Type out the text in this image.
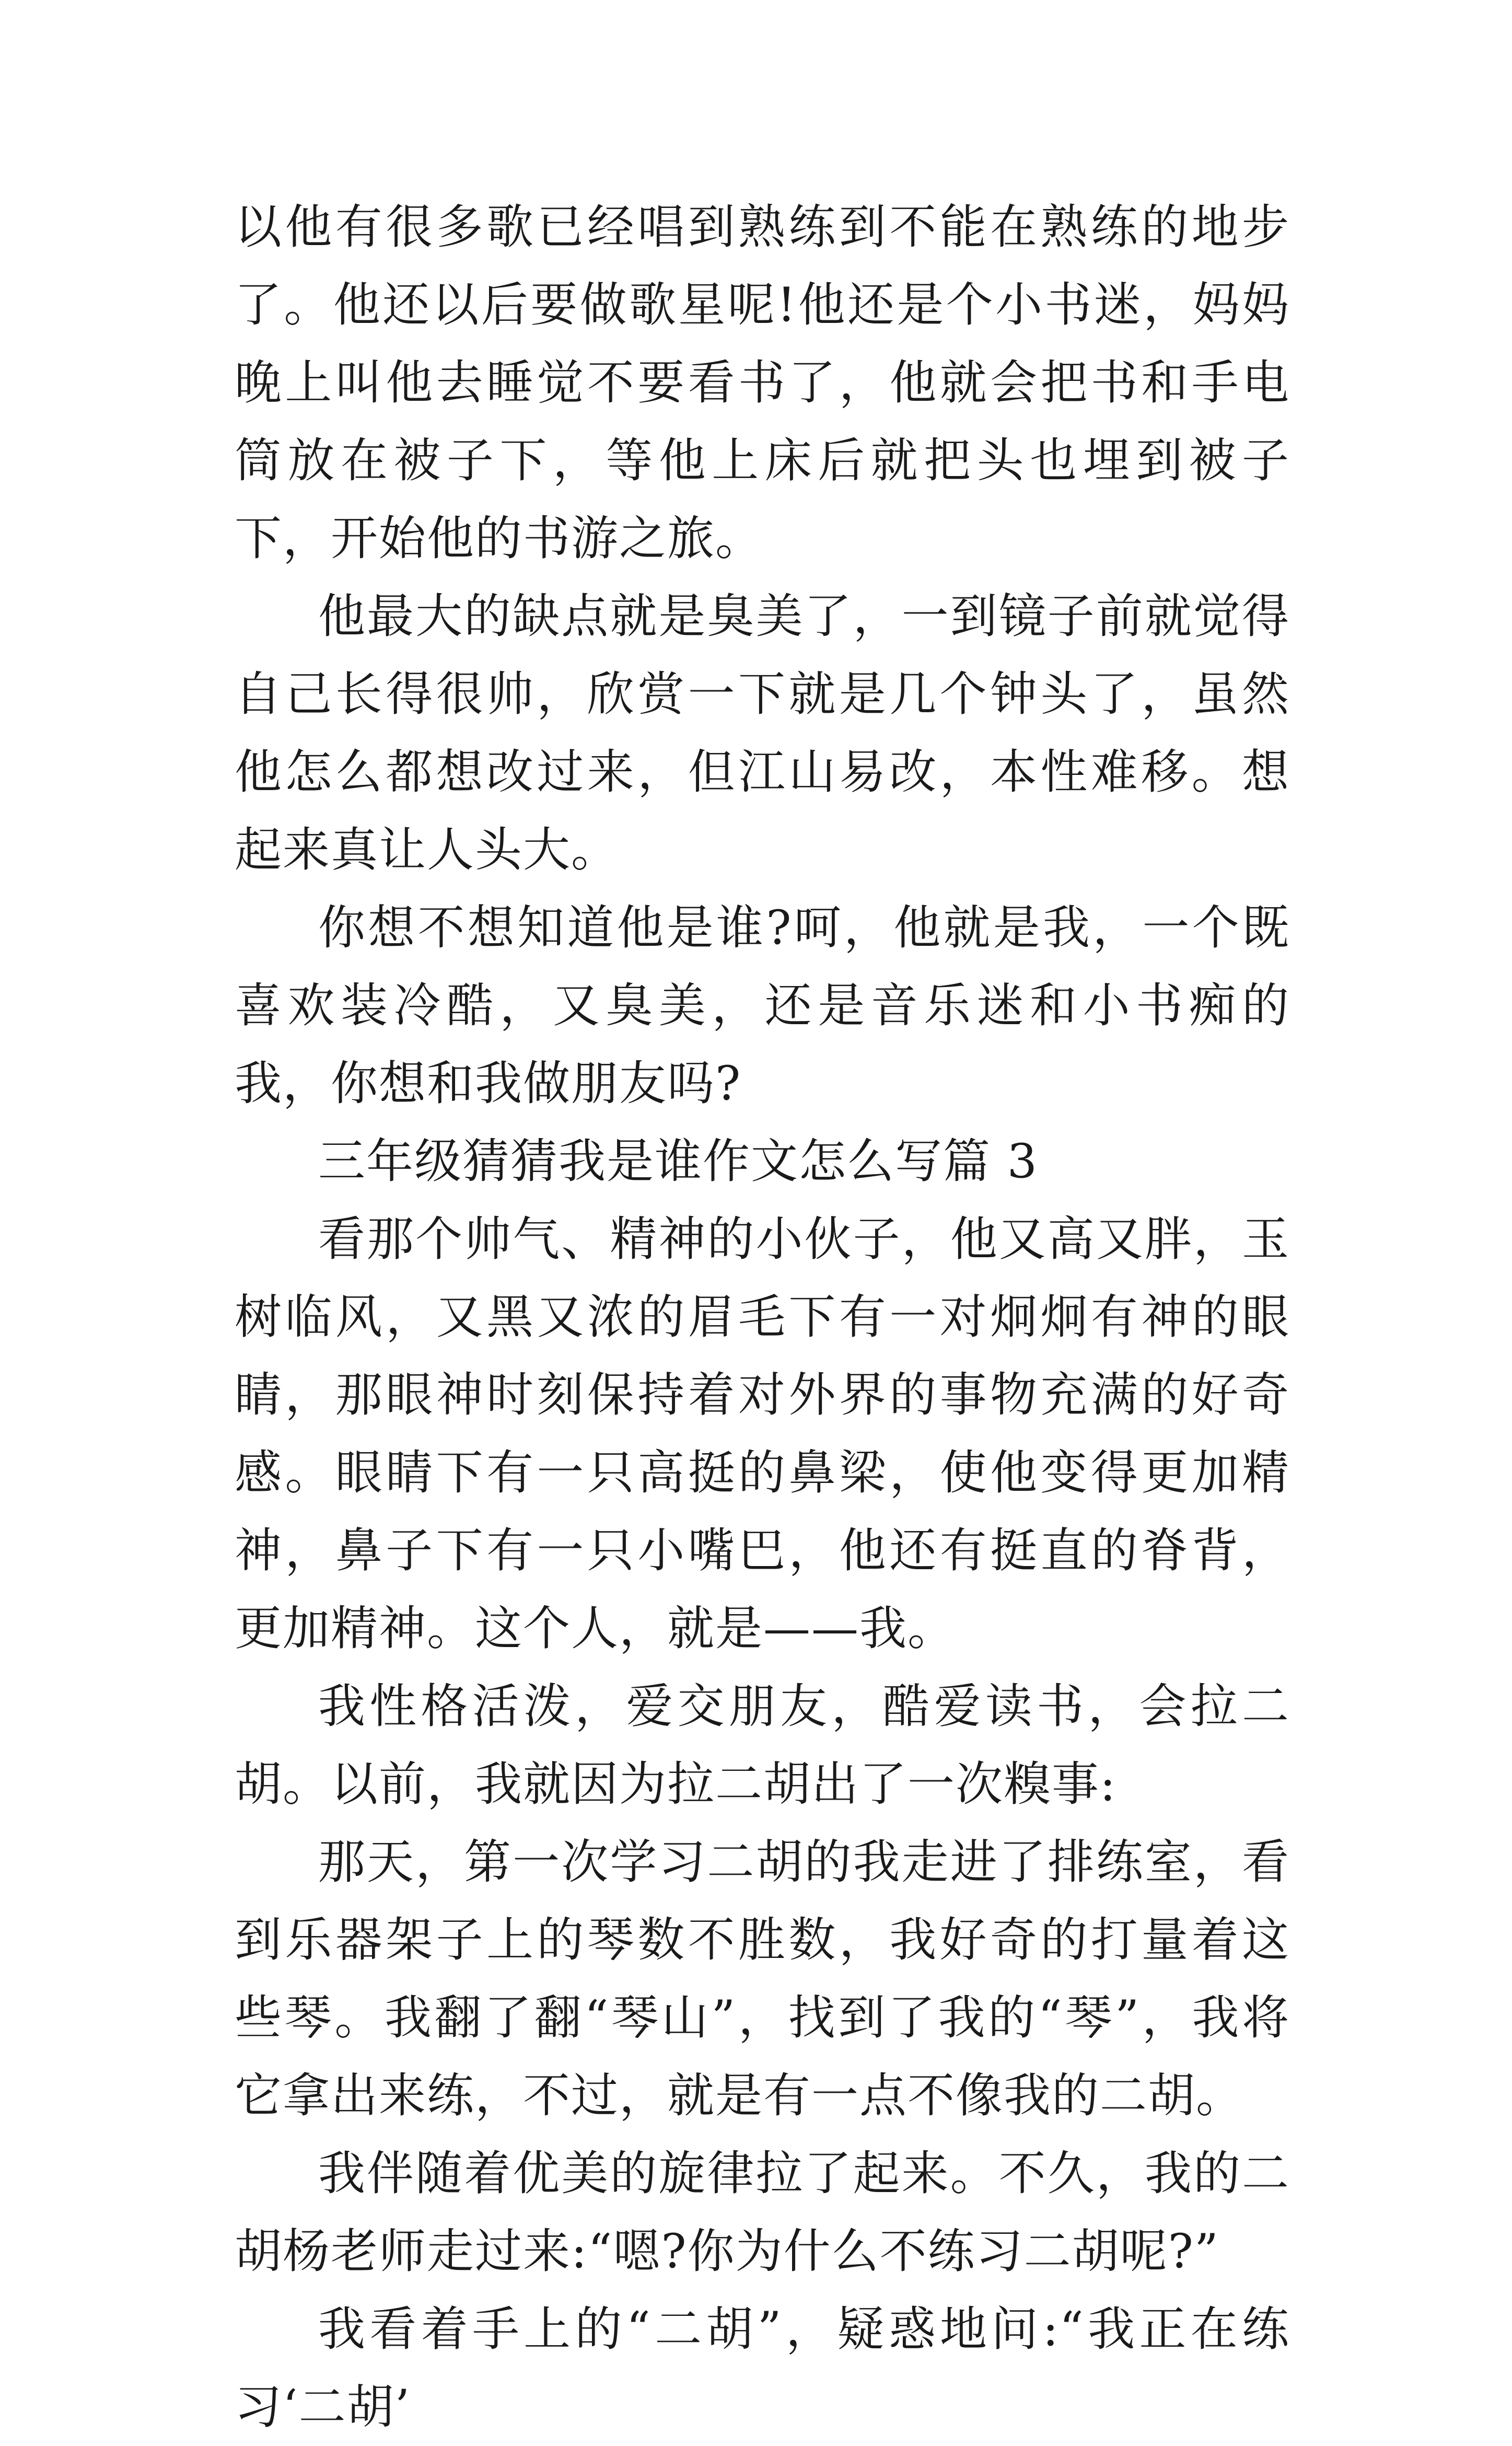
以他有很多歌已经唱到熟练到不能在熟练的地步了。他还以后要做歌星呢!他还是个小书迷，妈妈晚上叫他去睡觉不要看书了，他就会把书和手电筒放在被子下，等他上床后就把头也埋到被子下，开始他的书游之旅。

他最大的缺点就是臭美了，一到镜子前就觉得自己长得很帅，欣赏一下就是几个钟头了，虽然他怎么都想改过来，但江山易改，本性难移。想起来真让人头大。

你想不想知道他是谁?呵，他就是我，一个既喜欢装冷酷，又臭美，还是音乐迷和小书痴的我，你想和我做朋友吗?

三年级猜猜我是谁作文怎么写篇 3

看那个帅气、精神的小伙子，他又高又胖，玉树临风，又黑又浓的眉毛下有一对炯炯有神的眼睛，那眼神时刻保持着对外界的事物充满的好奇感。眼睛下有一只高挺的鼻梁，使他变得更加精神，鼻子下有一只小嘴巴，他还有挺直的脊背，更加精神。这个人，就是——我。

我性格活泼，爱交朋友，酷爱读书，会拉二胡。以前，我就因为拉二胡出了一次糗事:

那天，第一次学习二胡的我走进了排练室，看到乐器架子上的琴数不胜数，我好奇的打量着这些琴。我翻了翻“琴山”，找到了我的“琴”，我将它拿出来练，不过，就是有一点不像我的二胡。

我伴随着优美的旋律拉了起来。不久，我的二胡杨老师走过来:“嗯?你为什么不练习二胡呢?”

我看着手上的“二胡”，疑惑地问:“我正在练习‘二胡’
